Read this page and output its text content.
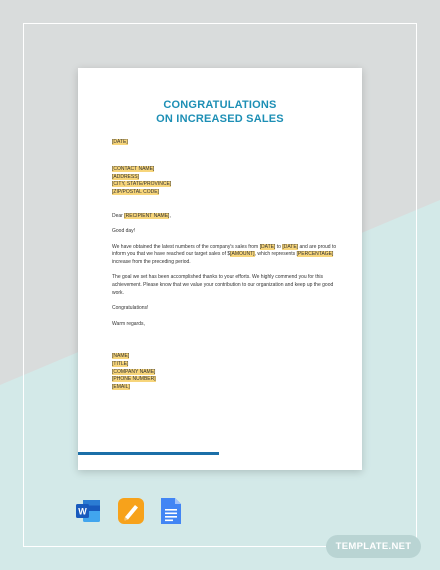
CONGRATULATIONS
ON INCREASED SALES
[DATE]
[CONTACT NAME]
[ADDRESS]
[CITY, STATE/PROVINCE]
[ZIP/POSTAL CODE]

Dear [RECIPIENT NAME],

Good day!

We have obtained the latest numbers of the company's sales from [DATE] to [DATE] and are proud to inform you that we have reached our target sales of $[AMOUNT], which represents [PERCENTAGE] increase from the preceding period.

The goal we set has been accomplished thanks to your efforts. We highly commend you for this achievement. Please know that we value your contribution to our organization and keep up the good work.

Congratulations!

Warm regards,

[NAME]
[TITLE]
[COMPANY NAME]
[PHONE NUMBER]
[EMAIL]
W
TEMPLATE.NET
